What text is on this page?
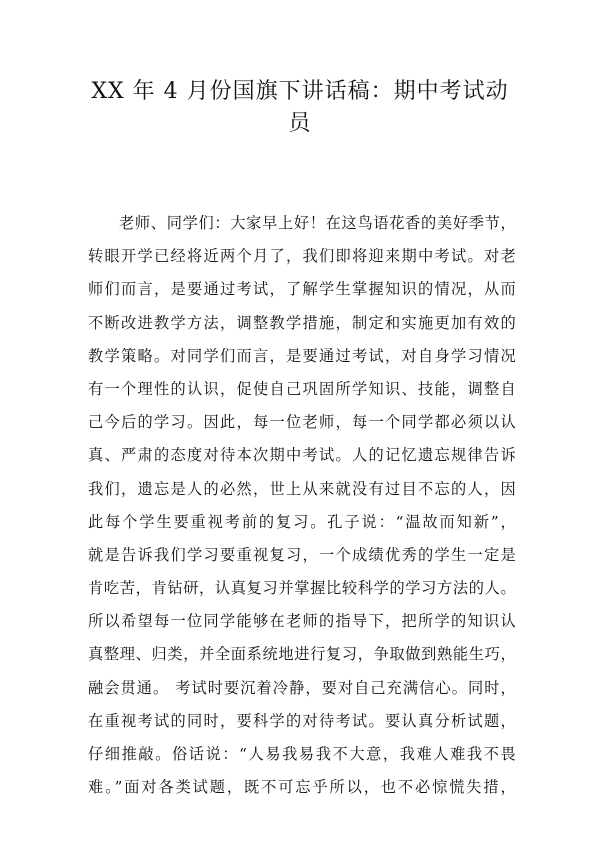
XX 年 4 月份国旗下讲话稿：期中考试动
员
老师、同学们：大家早上好！在这鸟语花香的美好季节，
转眼开学已经将近两个月了，我们即将迎来期中考试。对老
师们而言，是要通过考试，了解学生掌握知识的情况，从而
不断改进教学方法，调整教学措施，制定和实施更加有效的
教学策略。对同学们而言，是要通过考试，对自身学习情况
有一个理性的认识，促使自己巩固所学知识、技能，调整自
己今后的学习。因此，每一位老师，每一个同学都必须以认
真、严肃的态度对待本次期中考试。人的记忆遗忘规律告诉
我们，遗忘是人的必然，世上从来就没有过目不忘的人，因
此每个学生要重视考前的复习。孔子说：“温故而知新”，
就是告诉我们学习要重视复习，一个成绩优秀的学生一定是
肯吃苦，肯钻研，认真复习并掌握比较科学的学习方法的人。
所以希望每一位同学能够在老师的指导下，把所学的知识认
真整理、归类，并全面系统地进行复习，争取做到熟能生巧，
融会贯通。 考试时要沉着冷静，要对自己充满信心。同时，
在重视考试的同时，要科学的对待考试。要认真分析试题，
仔细推敲。俗话说：“人易我易我不大意，我难人难我不畏
难。”面对各类试题，既不可忘乎所以，也不必惊慌失措，
